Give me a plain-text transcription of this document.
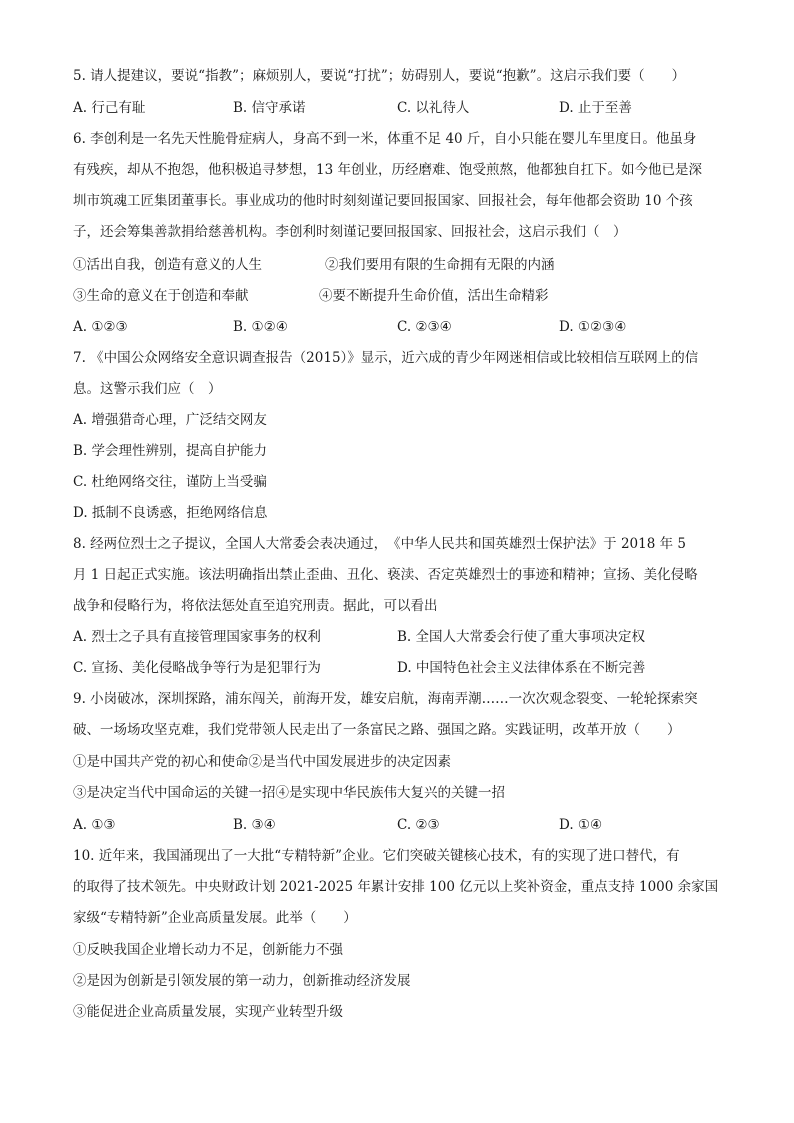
5. 请人提建议，要说“指教”；麻烦别人，要说“打扰”；妨碍别人，要说“抱歉”。这启示我们要（　　）
A. 行己有耻	B. 信守承诺	C. 以礼待人	D. 止于至善
6. 李创利是一名先天性脆骨症病人，身高不到一米，体重不足 40 斤，自小只能在婴儿车里度日。他虽身
有残疾，却从不抱怨，他积极追寻梦想，13 年创业，历经磨难、饱受煎熬，他都独自扛下。如今他已是深
圳市筑魂工匠集团董事长。事业成功的他时时刻刻谨记要回报国家、回报社会，每年他都会资助 10 个孩
子，还会筹集善款捐给慈善机构。李创利时刻谨记要回报国家、回报社会，这启示我们（　）
①活出自我，创造有意义的人生	②我们要用有限的生命拥有无限的内涵
③生命的意义在于创造和奉献	④要不断提升生命价值，活出生命精彩
A. ①②③	B. ①②④	C. ②③④	D. ①②③④
7. 《中国公众网络安全意识调查报告（2015）》显示，近六成的青少年网迷相信或比较相信互联网上的信
息。这警示我们应（　）
A. 增强猎奇心理，广泛结交网友
B. 学会理性辨别，提高自护能力
C. 杜绝网络交往，谨防上当受骗
D. 抵制不良诱惑，拒绝网络信息
8. 经两位烈士之子提议，全国人大常委会表决通过，　《中华人民共和国英雄烈士保护法》于 2018 年 5
月 1 日起正式实施。该法明确指出禁止歪曲、丑化、亵渎、否定英雄烈士的事迹和精神；宣扬、美化侵略
战争和侵略行为，将依法惩处直至追究刑责。据此，可以看出
A. 烈士之子具有直接管理国家事务的权利	B. 全国人大常委会行使了重大事项决定权
C. 宣扬、美化侵略战争等行为是犯罪行为	D. 中国特色社会主义法律体系在不断完善
9. 小岗破冰，深圳探路，浦东闯关，前海开发，雄安启航，海南弄潮……一次次观念裂变、一轮轮探索突
破、一场场攻坚克难，我们党带领人民走出了一条富民之路、强国之路。实践证明，改革开放（　　）
①是中国共产党的初心和使命②是当代中国发展进步的决定因素
③是决定当代中国命运的关键一招④是实现中华民族伟大复兴的关键一招
A. ①③	B. ③④	C. ②③	D. ①④
10. 近年来，我国涌现出了一大批“专精特新”企业。它们突破关键核心技术，有的实现了进口替代，有
的取得了技术领先。中央财政计划 2021-2025 年累计安排 100 亿元以上奖补资金，重点支持 1000 余家国
家级“专精特新”企业高质量发展。此举（　　）
①反映我国企业增长动力不足，创新能力不强
②是因为创新是引领发展的第一动力，创新推动经济发展
③能促进企业高质量发展，实现产业转型升级
